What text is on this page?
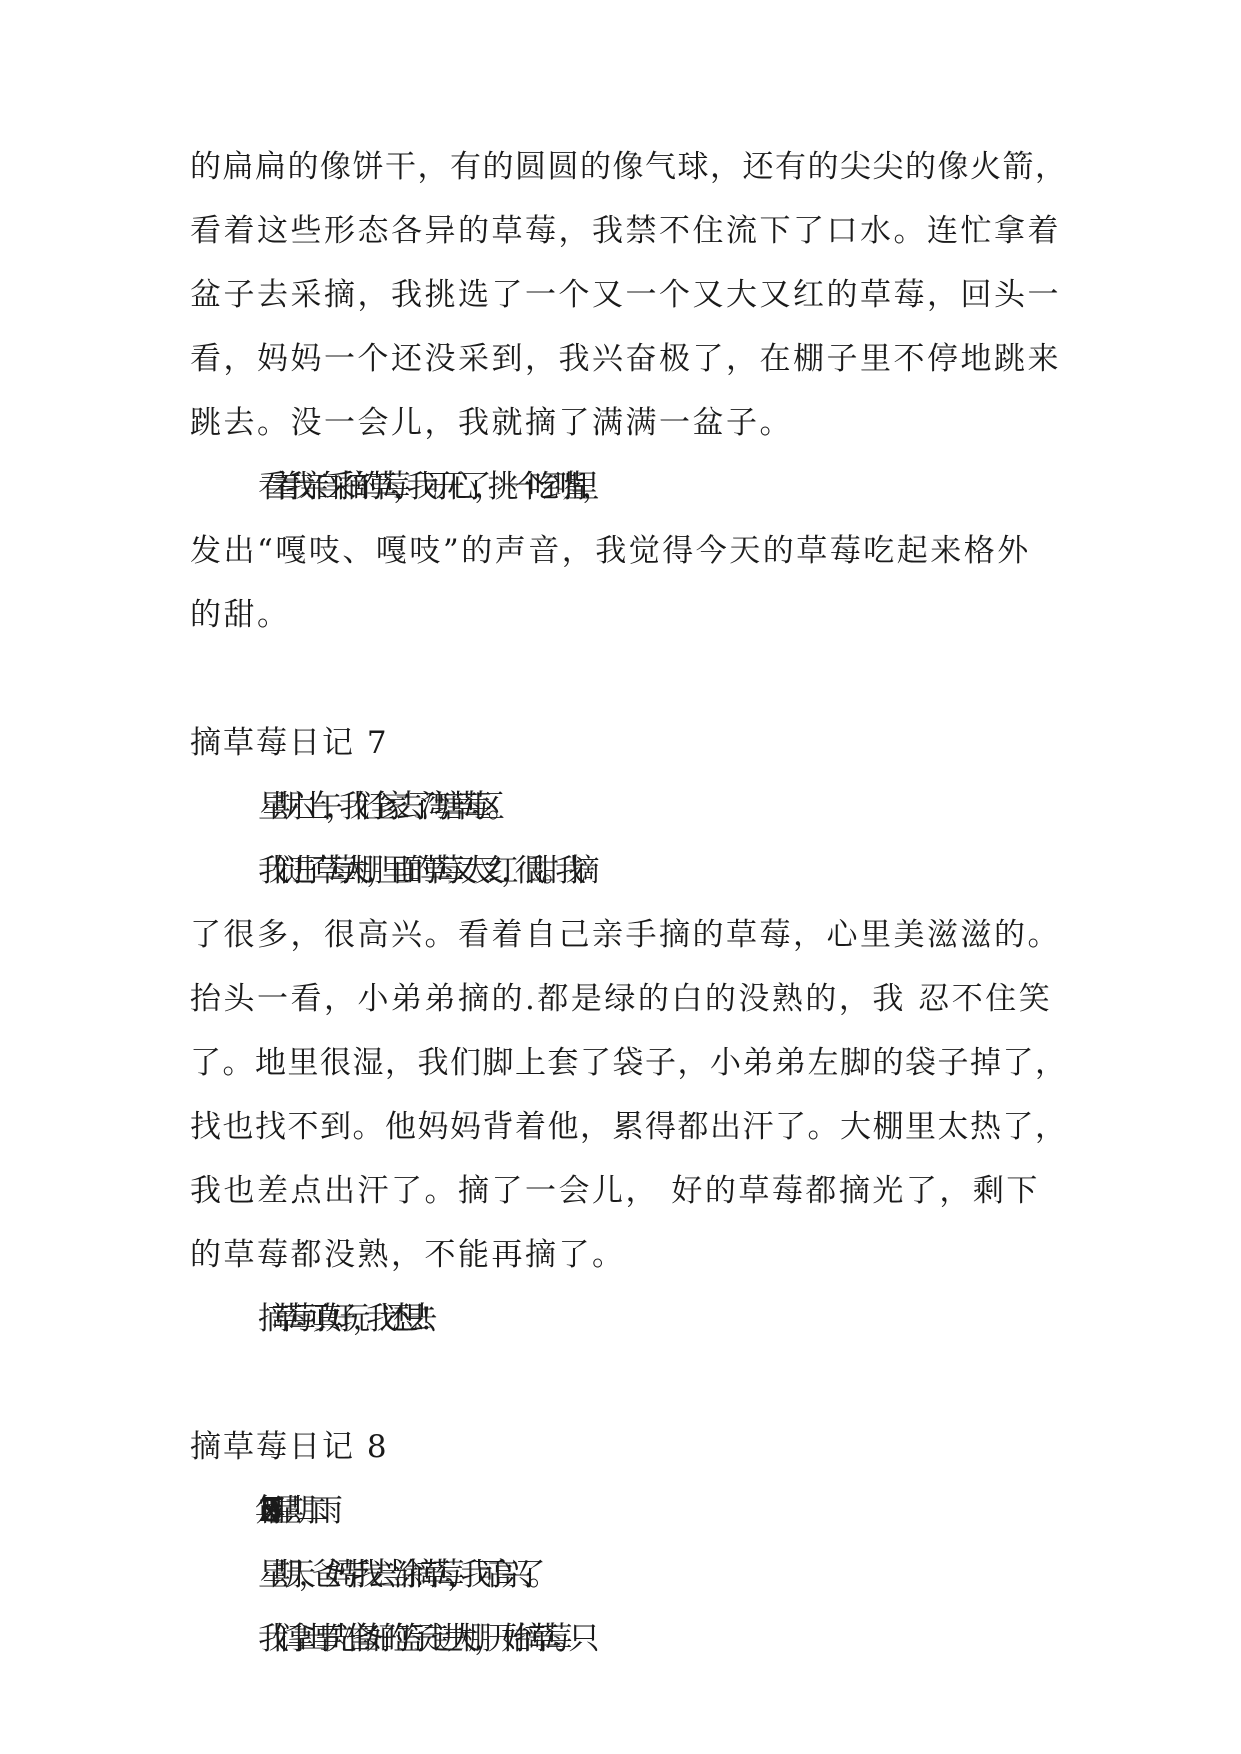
的扁扁的像饼干，有的圆圆的像气球，还有的尖尖的像火箭，
看着这些形态各异的草莓，我禁不住流下了口水。连忙拿着
盆子去采摘，我挑选了一个又一个又大又红的草莓，回头一
看，妈妈一个还没采到，我兴奋极了，在棚子里不停地跳来
跳去。没一会儿，我就摘了满满一盆子。
看着我亲自采摘的草莓，我可开心了，挑一个吃到嘴里，
发出“嘎吱、嘎吱”的声音，我觉得今天的草莓吃起来格外
的甜。
摘草莓日记 7
星期六上午，我们全家去了湾塘草莓区。
我们进了草莓大棚，里面的草莓又大又红，很甜。我摘
了很多，很高兴。看着自己亲手摘的草莓，心里美滋滋的。
抬头一看，小弟弟摘的.都是绿的白的没熟的，我 忍不住笑
了。地里很湿，我们脚上套了袋子，小弟弟左脚的袋子掉了，
找也找不到。他妈妈背着他，累得都出汗了。大棚里太热了，
我也差点出汗了。摘了一会儿， 好的草莓都摘光了，剩下
的草莓都没熟，不能再摘了。
摘草莓可真好玩，我还想去!
摘草莓日记 8
20xx 年 3 月 25 日星期二雨
星期天，爸妈带我去当涂摘草莓，我可高兴了。
我们拿出事先准备好的篮子走进大棚，开始摘草莓。只
